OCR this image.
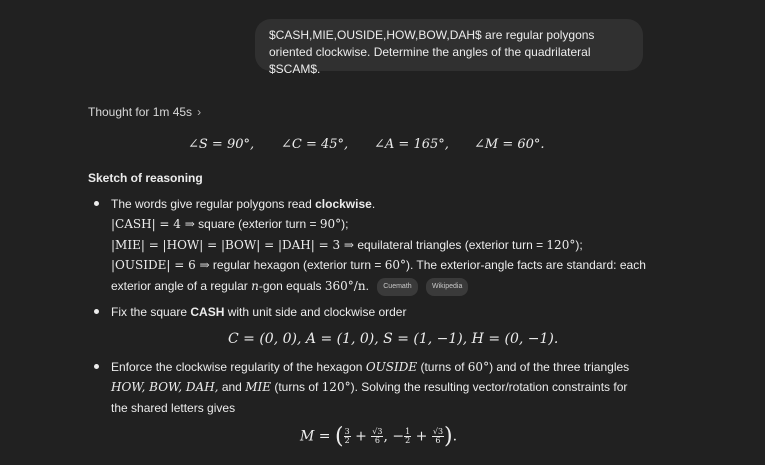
$CASH,MIE,OUSIDE,HOW,BOW,DAH$ are regular polygons oriented clockwise. Determine the angles of the quadrilateral $SCAM$.
Thought for 1m 45s ›
∠S = 90°, ∠C = 45°, ∠A = 165°, ∠M = 60°.
Sketch of reasoning
The words give regular polygons read clockwise.
|CASH| = 4 ⇒ square (exterior turn = 90°);
|MIE| = |HOW| = |BOW| = |DAH| = 3 ⇒ equilateral triangles (exterior turn = 120°);
|OUSIDE| = 6 ⇒ regular hexagon (exterior turn = 60°). The exterior-angle facts are standard: each
exterior angle of a regular n-gon equals 360°/n. Cuemath	Wikipedia
Fix the square CASH with unit side and clockwise order
C = (0, 0), A = (1, 0), S = (1, −1), H = (0, −1).
Enforce the clockwise regularity of the hexagon OUSIDE (turns of 60°) and of the three triangles
HOW, BOW, DAH, and MIE (turns of 120°). Solving the resulting vector/rotation constraints for
the shared letters gives
M = ( $\frac{3}{2} + \frac{√3}{6}$ , − $\frac{1}{2} + \frac{√3}{6}$ ).
